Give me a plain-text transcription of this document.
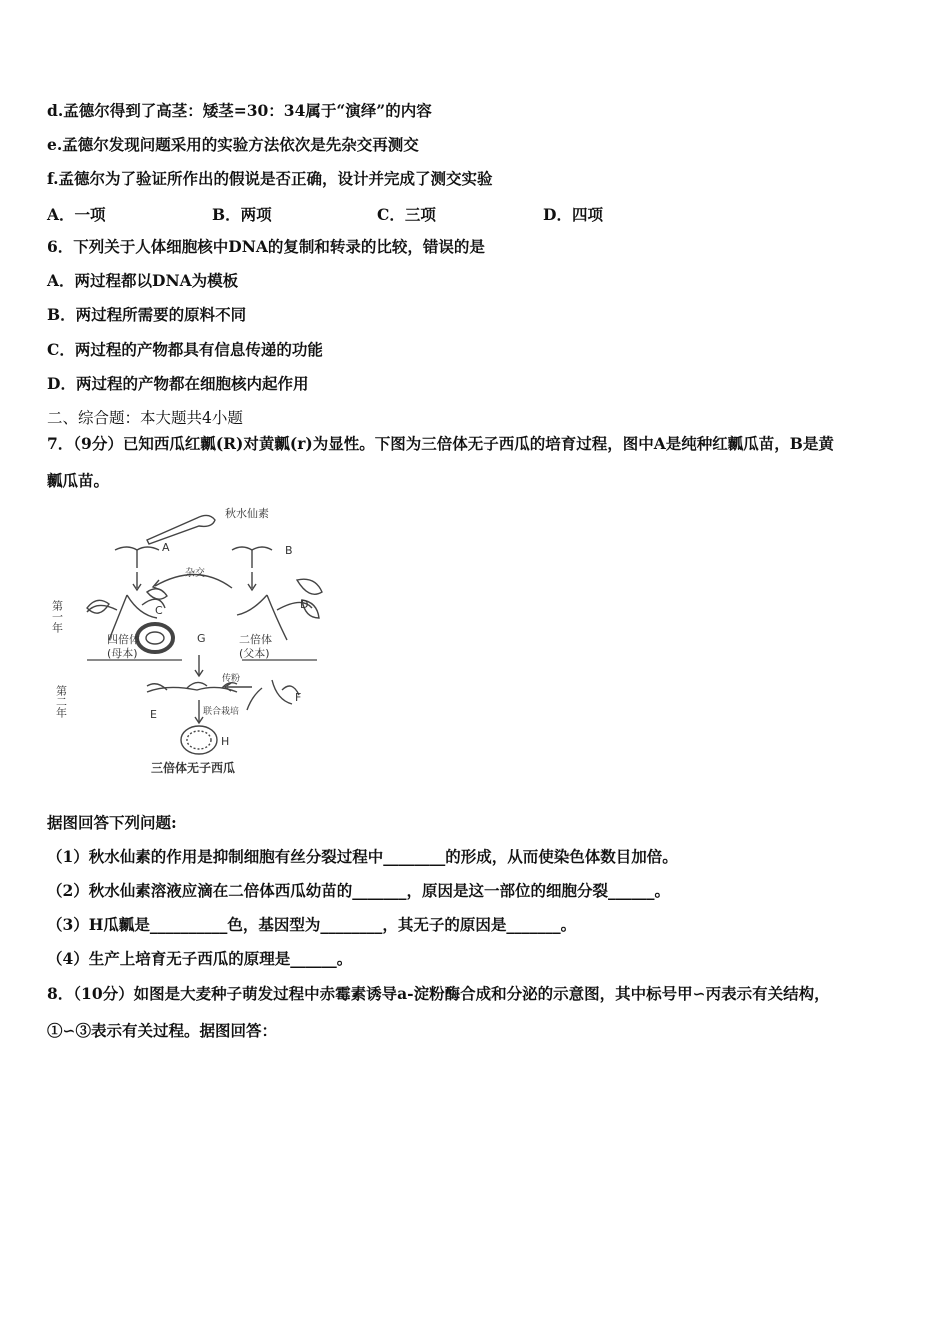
d.孟德尔得到了高茎：矮茎=30：34属于“演绎”的内容
e.孟德尔发现问题采用的实验方法依次是先杂交再测交
f.孟德尔为了验证所作出的假说是否正确，设计并完成了测交实验
A．一项	B．两项	C．三项	D．四项
6．下列关于人体细胞核中DNA的复制和转录的比较，错误的是
A．两过程都以DNA为模板
B．两过程所需要的原料不同
C．两过程的产物都具有信息传递的功能
D．两过程的产物都在细胞核内起作用
二、综合题：本大题共4小题
7．（9分）已知西瓜红瓤(R)对黄瓤(r)为显性。下图为三倍体无子西瓜的培育过程，图中A是纯种红瓤瓜苗，B是黄
瓤瓜苗。
秋水仙素
A	B
杂交
C	D
四倍体
(母本)
G	二倍体
(父本)
传粉
F
E	联合栽培
H
三倍体无子西瓜
第一年
第二年
据图回答下列问题:
（1）秋水仙素的作用是抑制细胞有丝分裂过程中________的形成，从而使染色体数目加倍。
（2）秋水仙素溶液应滴在二倍体西瓜幼苗的_______，原因是这一部位的细胞分裂______。
（3）H瓜瓤是__________色，基因型为________，其无子的原因是_______。
（4）生产上培育无子西瓜的原理是______。
8．（10分）如图是大麦种子萌发过程中赤霉素诱导a-淀粉酶合成和分泌的示意图，其中标号甲∽丙表示有关结构，
①∽③表示有关过程。据图回答：
